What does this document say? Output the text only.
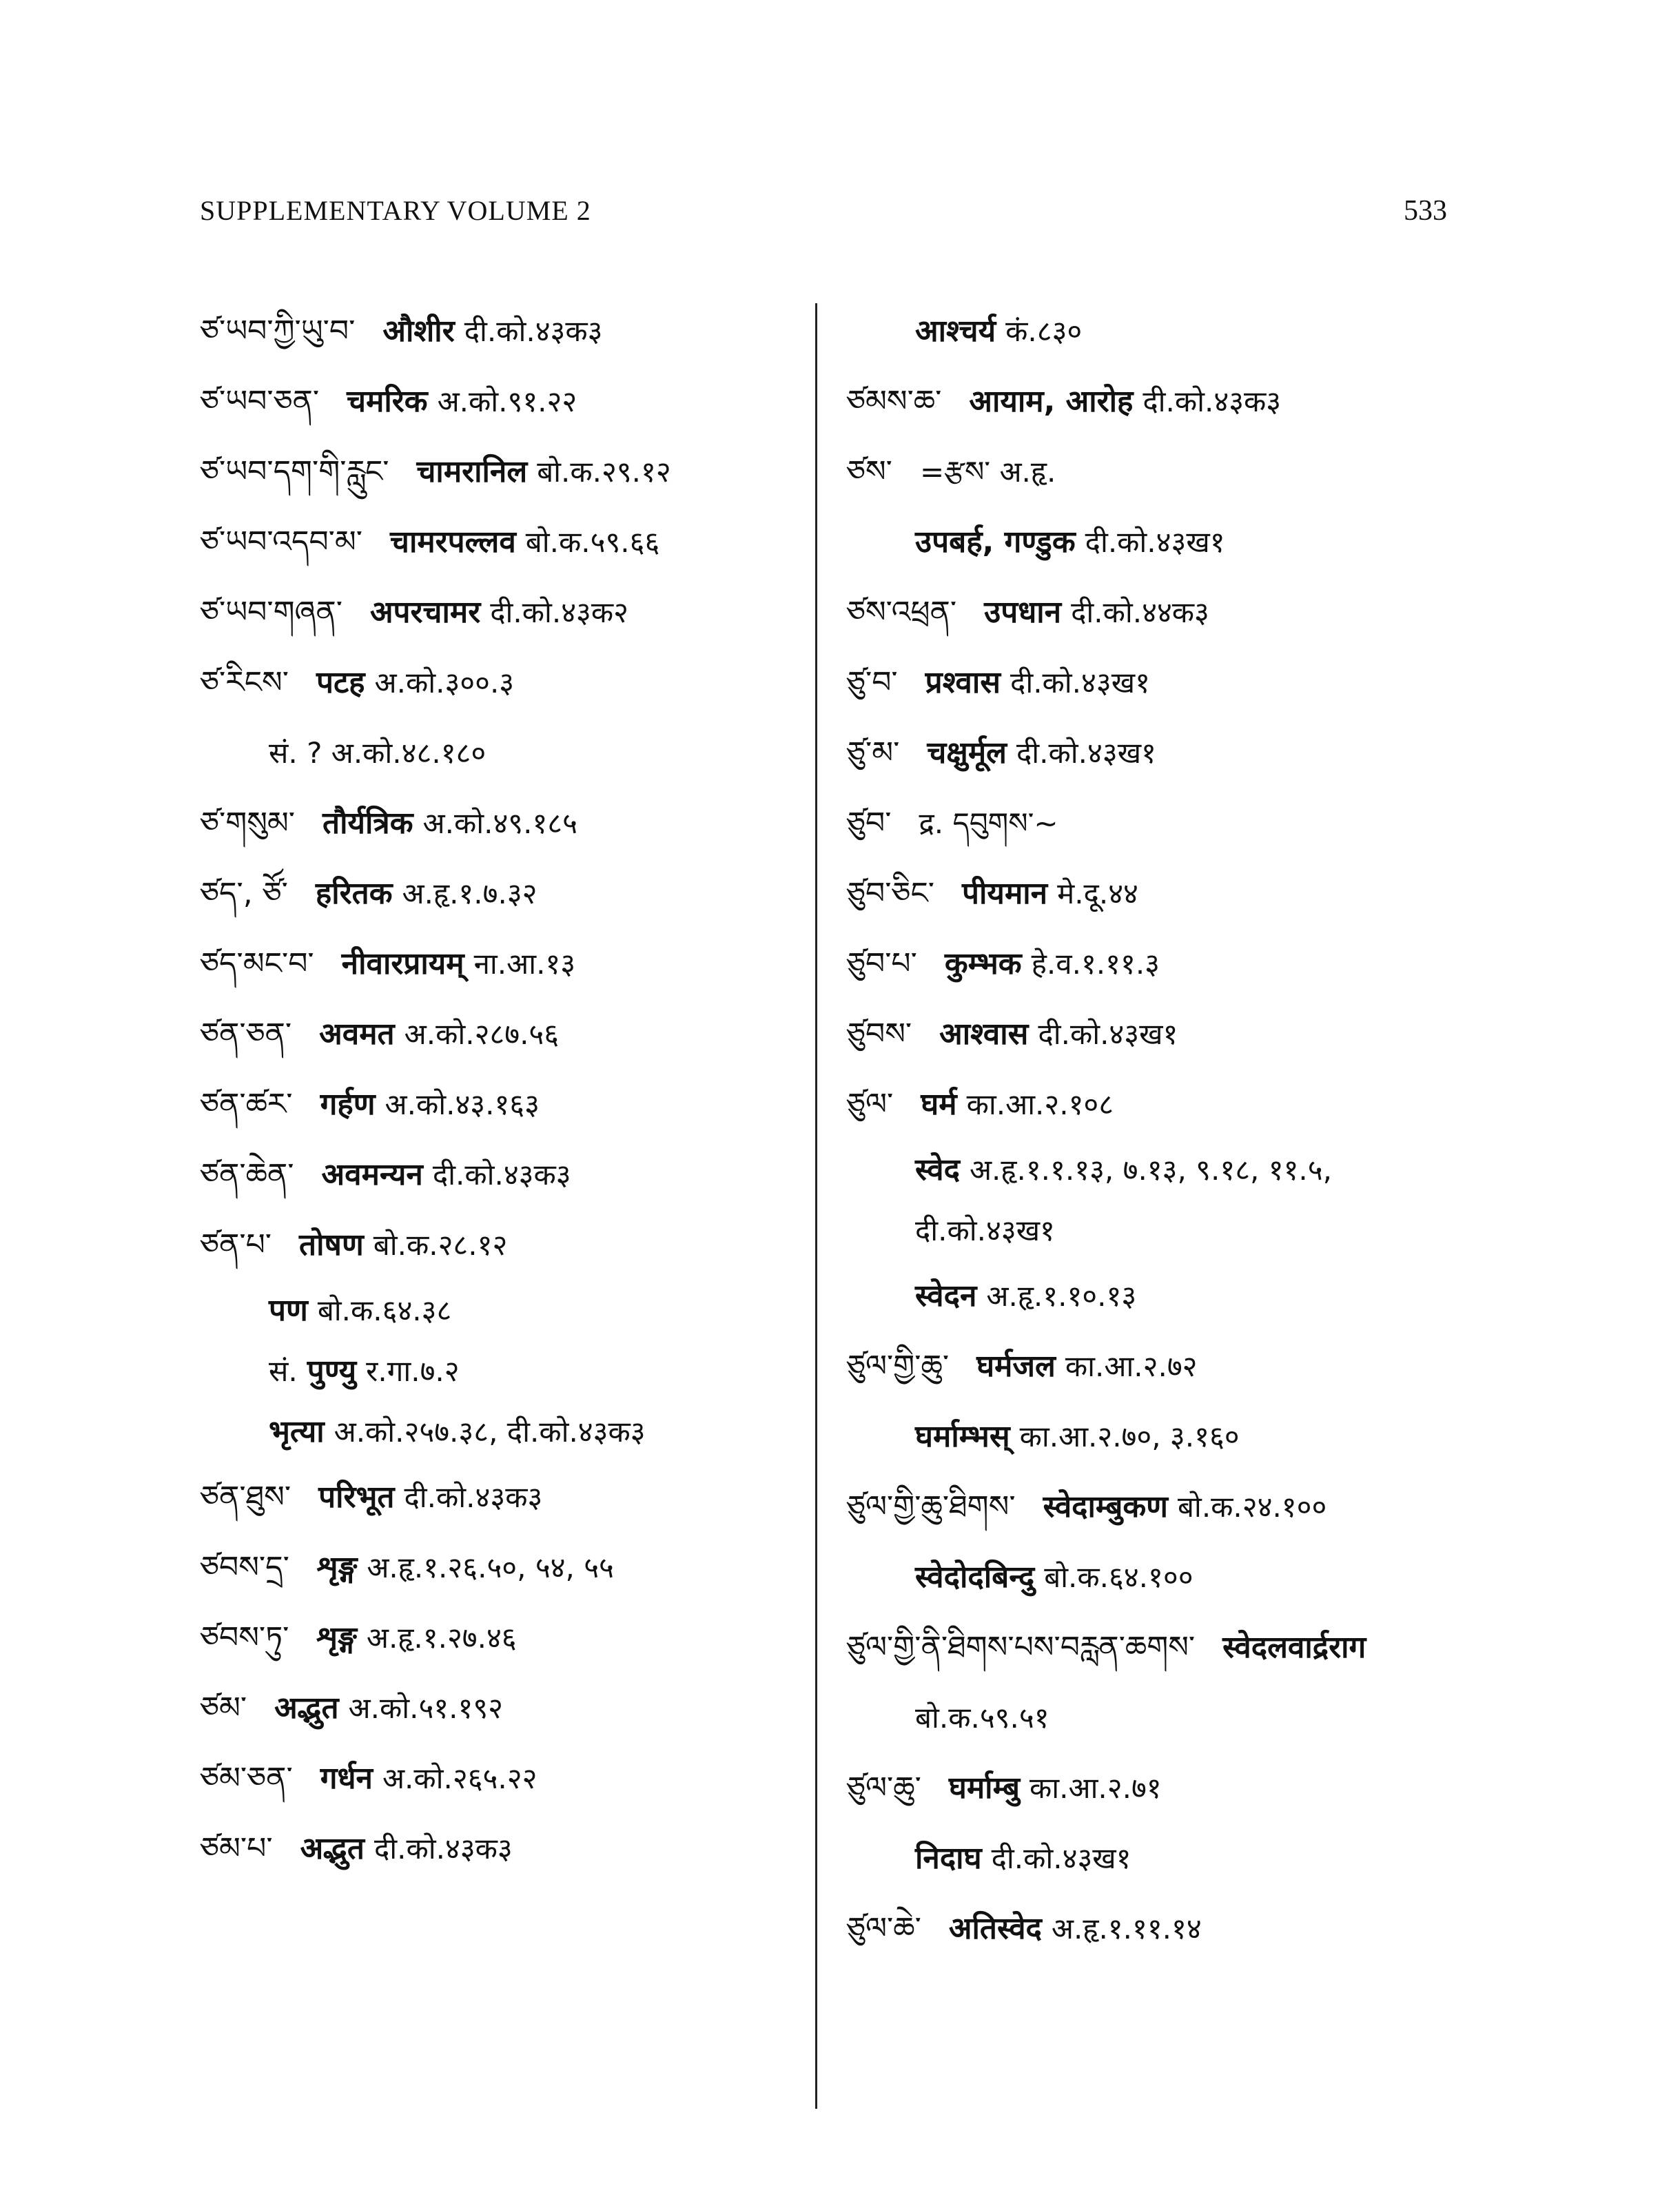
SUPPLEMENTARY VOLUME 2	533
ཙ་ཡབ་ཀྱི་ཡུ་བ་ औशीर दी.को.४३क३
ཙ་ཡབ་ཅན་ चमरिक अ.को.९१.२२
ཙ་ཡབ་དག་གི་རླུང་ चामरानिल बो.क.२९.१२
ཙ་ཡབ་འདབ་མ་ चामरपल्लव बो.क.५९.६६
ཙ་ཡབ་གཞན་ अपरचामर दी.को.४३क२
ཙ་རིངས་ पटह अ.को.३००.३
सं. ? अ.को.४८.१८०
ཙ་གསུམ་ तौर्यत्रिक अ.को.४९.१८५
ཙད་, ཙོ་ हरितक अ.हृ.१.७.३२
ཙད་མང་བ་ नीवारप्रायम् ना.आ.१३
ཙན་ཅན་ अवमत अ.को.२८७.५६
ཙན་ཚར་ गर्हण अ.को.४३.१६३
ཙན་ཆེན་ अवमन्यन दी.को.४३क३
ཙན་པ་ तोषण बो.क.२८.१२
पण बो.क.६४.३८
सं. पुण्यु र.गा.७.२
भृत्या अ.को.२५७.३८, दी.को.४३क३
ཙན་ཐུས་ परिभूत दी.को.४३क३
ཙབས་དྲ་ शृङ्ग अ.हृ.१.२६.५०, ५४, ५५
ཙབས་ཏུ་ शृङ्ग अ.हृ.१.२७.४६
ཙམ་ अद्भुत अ.को.५१.१९२
ཙམ་ཅན་ गर्धन अ.को.२६५.२२
ཙམ་པ་ अद्भुत दी.को.४३क३
आश्चर्य कं.८३०
ཙམས་ཆ་ आयाम, आरोह दी.को.४३क३
ཙས་ =རྩས་ अ.हृ.
उपबर्ह, गण्डुक दी.को.४३ख१
ཙས་འཕྲན་ उपधान दी.को.४४क३
ཙུ་བ་ प्रश्वास दी.को.४३ख१
ཙུ་མ་ चक्षुर्मूल दी.को.४३ख१
ཙུབ་ द्र. དབུགས་~
ཙུབ་ཅིང་ पीयमान मे.दू.४४
ཙུབ་པ་ कुम्भक हे.व.१.११.३
ཙུབས་ आश्वास दी.को.४३ख१
ཙུལ་ घर्म का.आ.२.१०८
स्वेद अ.हृ.१.१.१३, ७.१३, ९.१८, ११.५,
दी.को.४३ख१
स्वेदन अ.हृ.१.१०.१३
ཙུལ་གྱི་ཆུ་ घर्मजल का.आ.२.७२
घर्माम्भस् का.आ.२.७०, ३.१६०
ཙུལ་གྱི་ཆུ་ཐིགས་ स्वेदाम्बुकण बो.क.२४.१००
स्वेदोदबिन्दु बो.क.६४.१००
ཙུལ་གྱི་ནི་ཐིགས་པས་བརླན་ཆགས་ स्वेदलवार्द्रराग
बो.क.५९.५१
ཙུལ་ཆུ་ घर्माम्बु का.आ.२.७१
निदाघ दी.को.४३ख१
ཙུལ་ཆེ་ अतिस्वेद अ.हृ.१.११.१४
